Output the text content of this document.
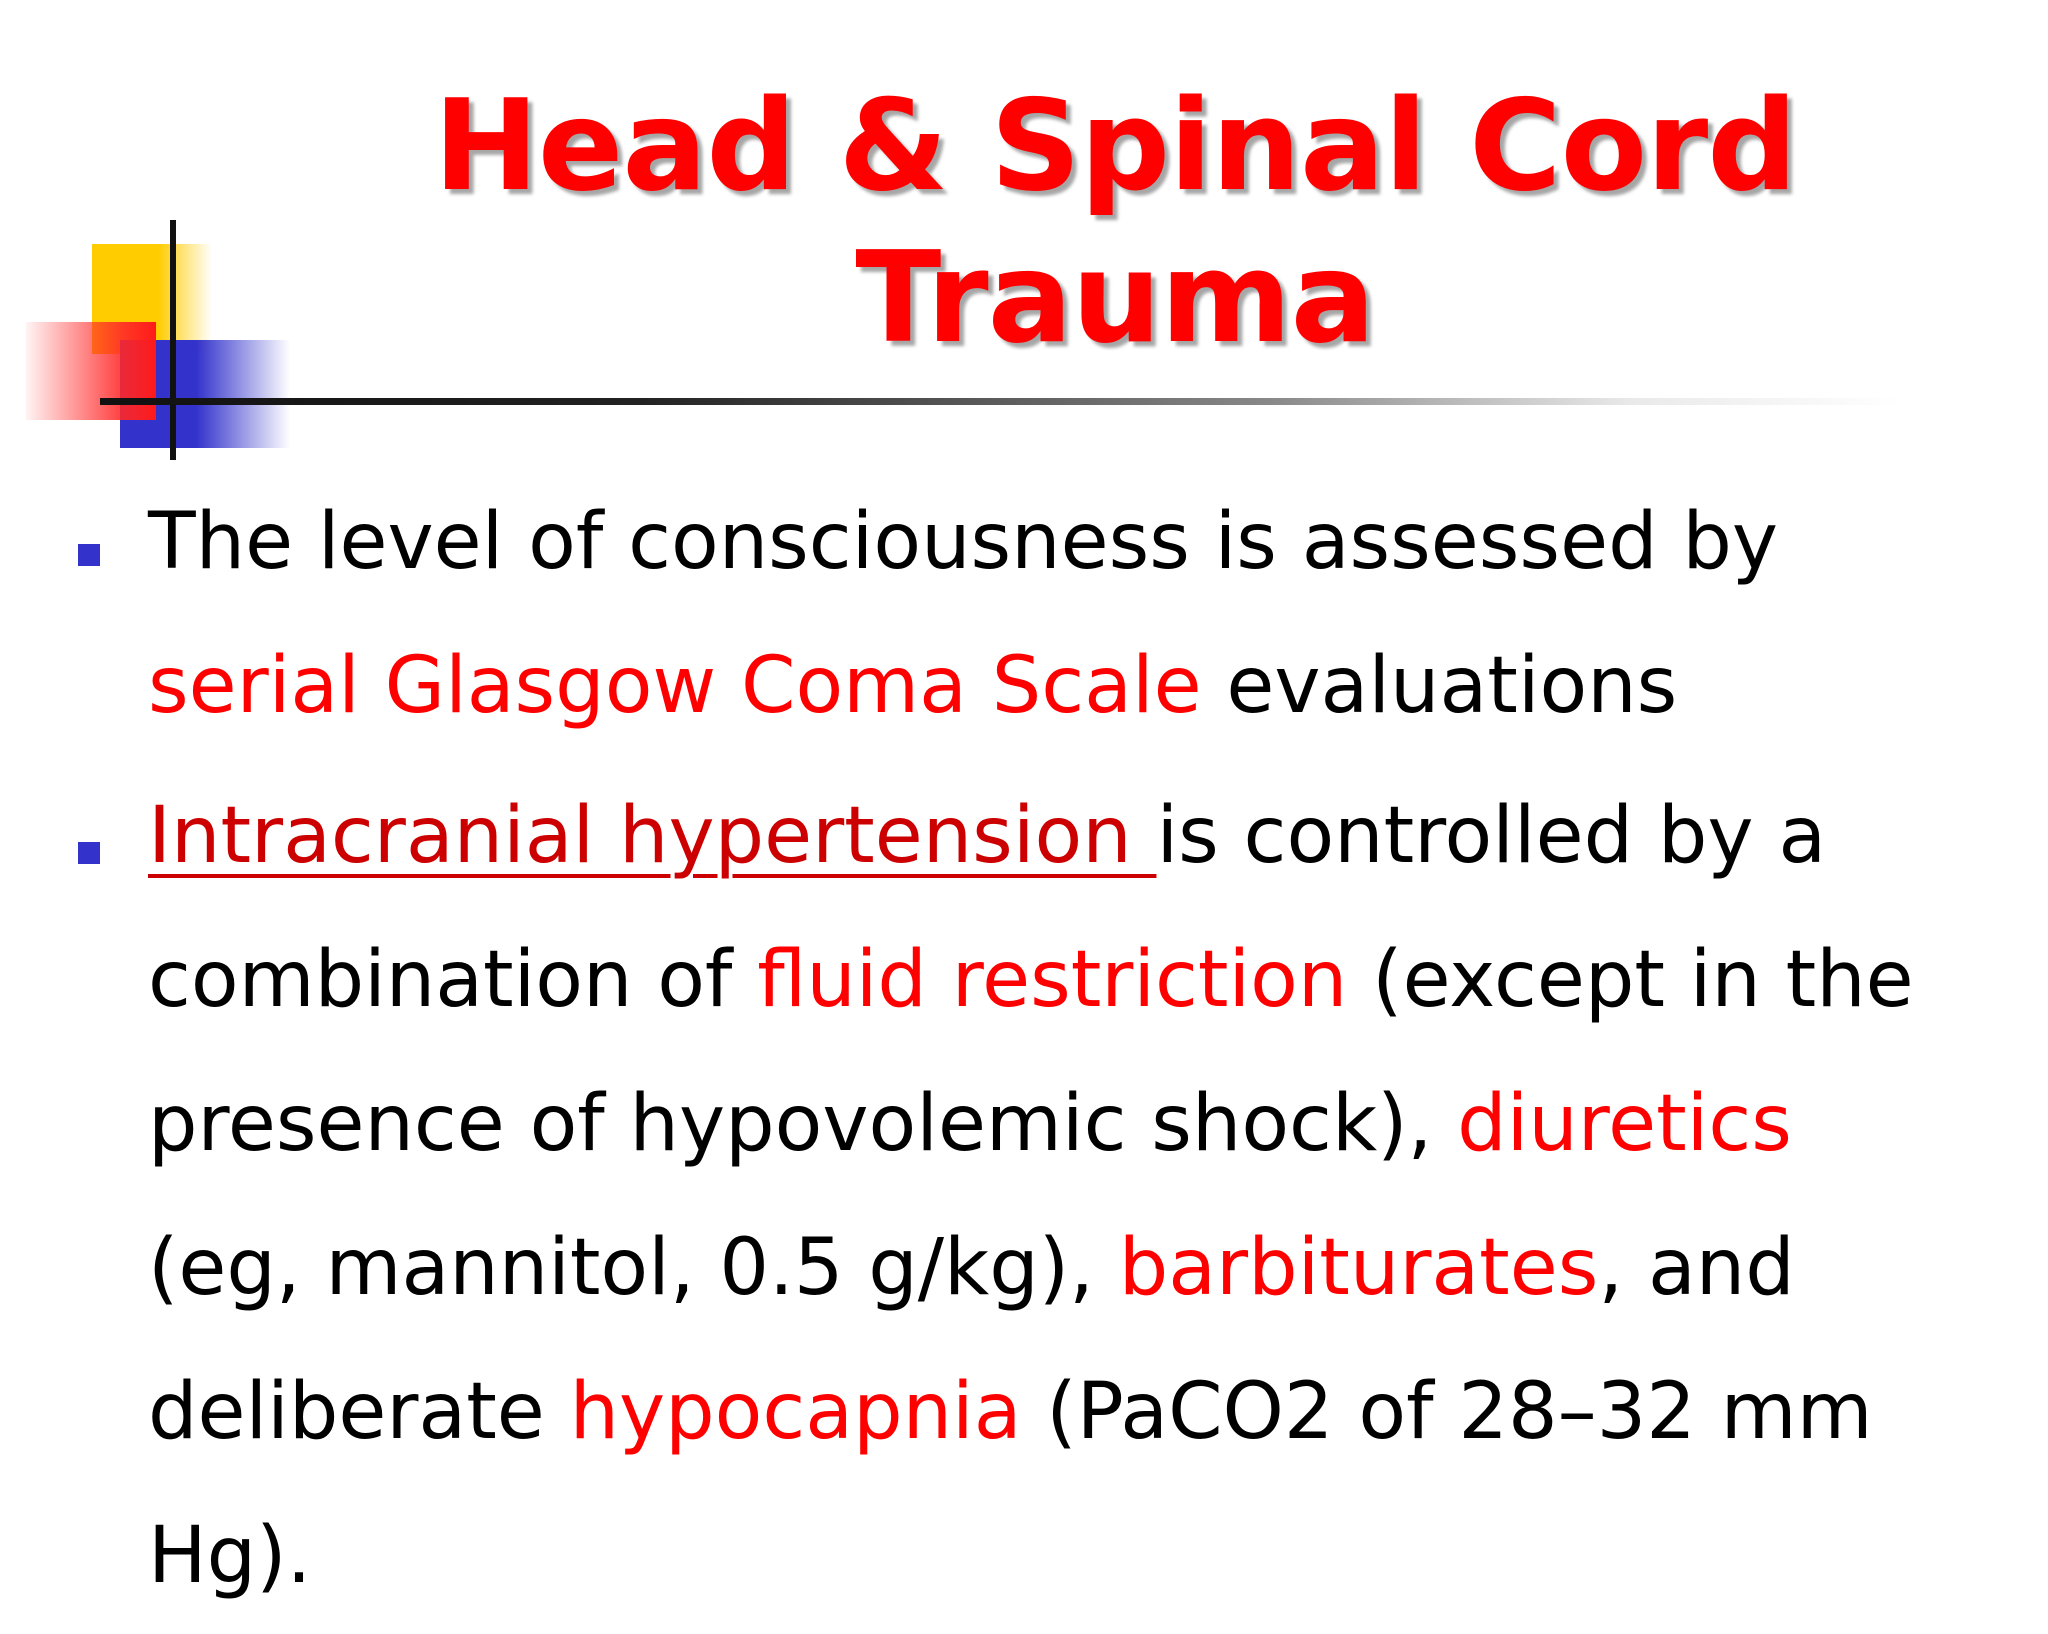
Head & Spinal Cord
Trauma
The level of consciousness is assessed by serial Glasgow Coma Scale evaluations
Intracranial hypertension is controlled by a combination of fluid restriction (except in the presence of hypovolemic shock), diuretics (eg, mannitol, 0.5 g/kg), barbiturates, and deliberate hypocapnia (PaCO2 of 28–32 mm Hg).
